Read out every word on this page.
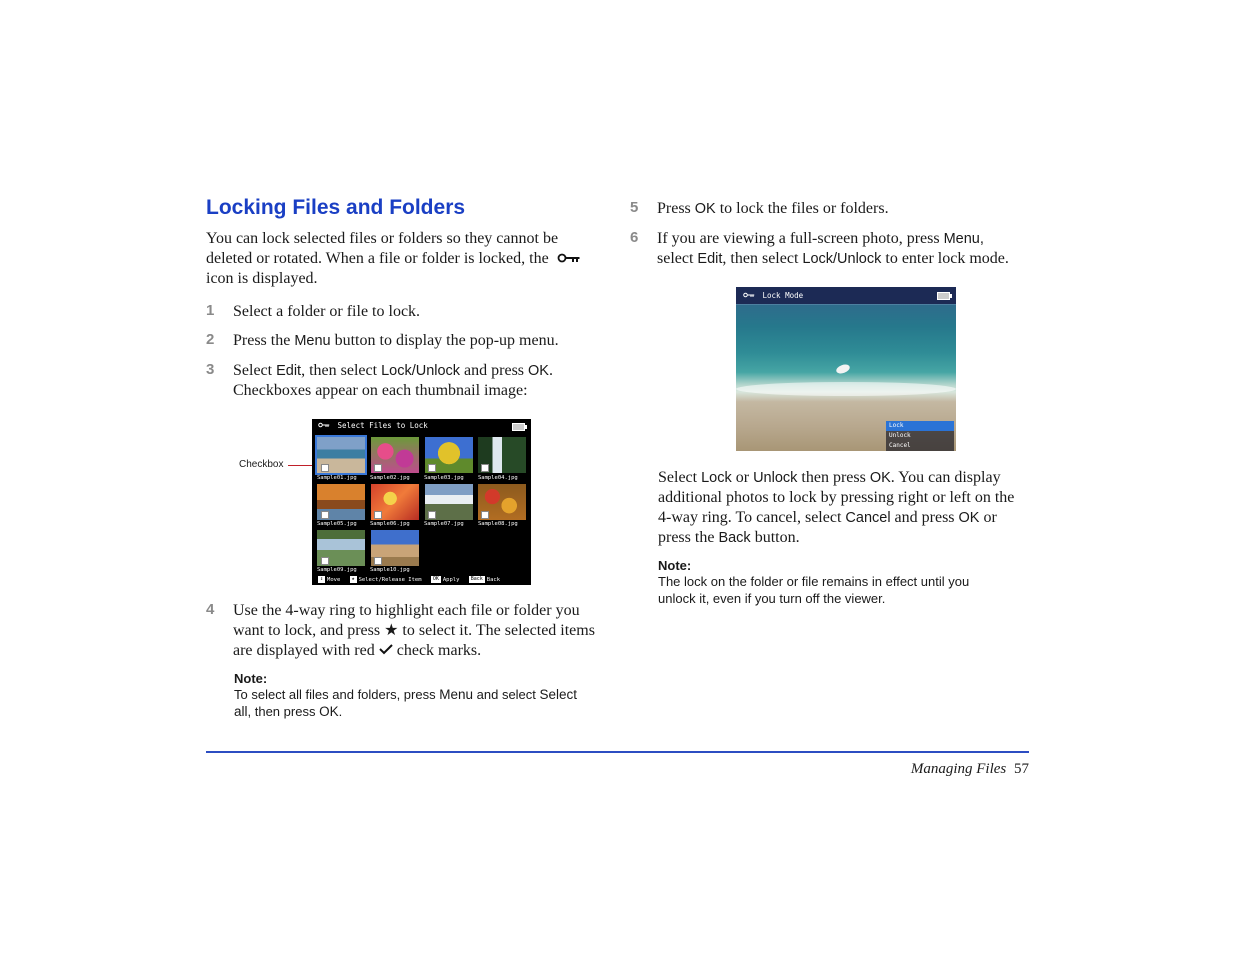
Locking Files and Folders
You can lock selected files or folders so they cannot be
deleted or rotated. When a file or folder is locked, the
icon is displayed.
1 Select a folder or file to lock.
2 Press the Menu button to display the pop-up menu.
3 Select Edit, then select Lock/Unlock and press OK.
Checkboxes appear on each thumbnail image:
Checkbox
Select Files to Lock
Sample01.jpg Sample02.jpg	Sample03.jpg	Sample04.jpg
Sample05.jpg Sample06.jpg	Sample07.jpg	Sample08.jpg
Sample09.jpg Sample10.jpg
↕ Move ★ Select/Release Item OK Apply Back Back
4 Use the 4-way ring to highlight each file or folder you
want to lock, and press ★ to select it. The selected items
are displayed with red check marks.
Note:
To select all files and folders, press Menu and select Select
all, then press OK.
5 Press OK to lock the files or folders.
6 If you are viewing a full-screen photo, press Menu,
select Edit, then select Lock/Unlock to enter lock mode.
Lock Mode
Lock
Unlock
Cancel
Select Lock or Unlock then press OK. You can display
additional photos to lock by pressing right or left on the
4-way ring. To cancel, select Cancel and press OK or
press the Back button.
Note:
The lock on the folder or file remains in effect until you
unlock it, even if you turn off the viewer.
Managing Files 57
